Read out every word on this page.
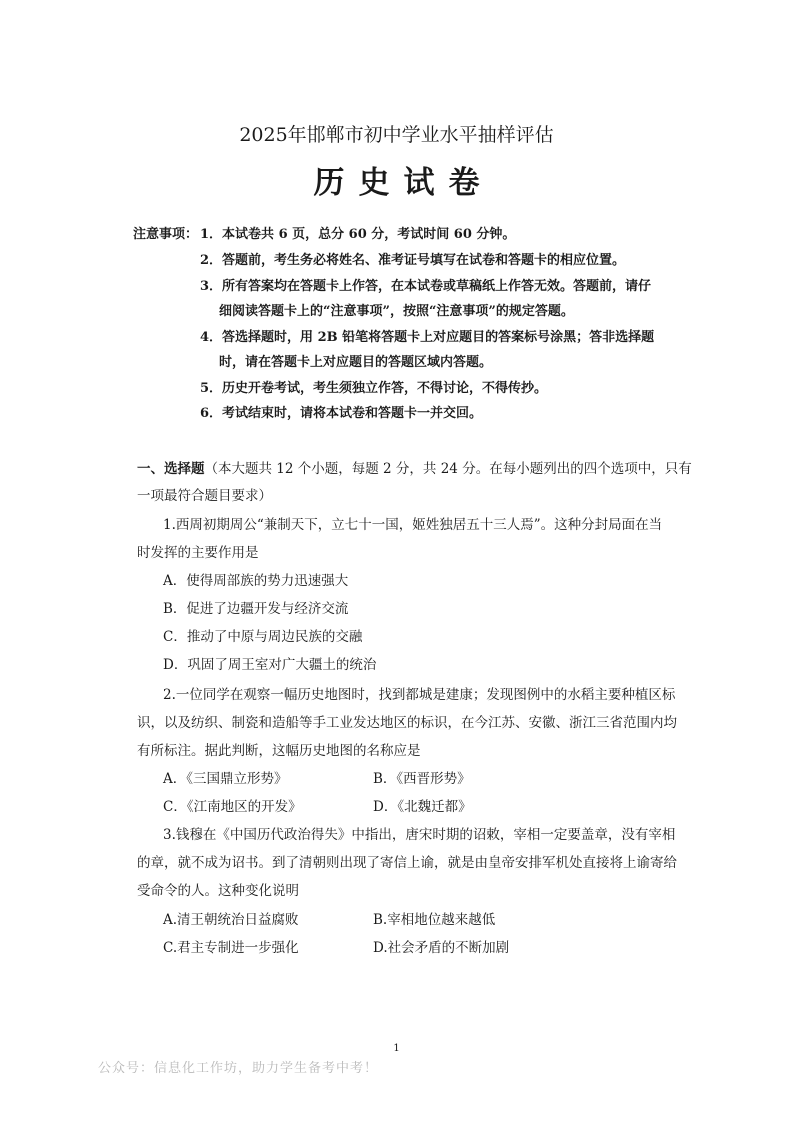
2025年邯郸市初中学业水平抽样评估
历史试卷
注意事项： 1．本试卷共 6 页，总分 60 分，考试时间 60 分钟。
2．答题前，考生务必将姓名、准考证号填写在试卷和答题卡的相应位置。
3．所有答案均在答题卡上作答，在本试卷或草稿纸上作答无效。答题前，请仔
细阅读答题卡上的“注意事项”，按照“注意事项”的规定答题。
4．答选择题时，用 2B 铅笔将答题卡上对应题目的答案标号涂黑；答非选择题
时，请在答题卡上对应题目的答题区域内答题。
5．历史开卷考试，考生须独立作答，不得讨论，不得传抄。
6．考试结束时，请将本试卷和答题卡一并交回。
一、选择题（本大题共 12 个小题，每题 2 分，共 24 分。在每小题列出的四个选项中，只有
一项最符合题目要求）
1.西周初期周公“兼制天下，立七十一国，姬姓独居五十三人焉”。这种分封局面在当
时发挥的主要作用是
A．使得周部族的势力迅速强大
B．促进了边疆开发与经济交流
C．推动了中原与周边民族的交融
D．巩固了周王室对广大疆土的统治
2.一位同学在观察一幅历史地图时，找到都城是建康；发现图例中的水稻主要种植区标
识，以及纺织、制瓷和造船等手工业发达地区的标识，在今江苏、安徽、浙江三省范围内均
有所标注。据此判断，这幅历史地图的名称应是
A．《三国鼎立形势》	B．《西晋形势》
C．《江南地区的开发》	D．《北魏迁都》
3.钱穆在《中国历代政治得失》中指出，唐宋时期的诏敕，宰相一定要盖章，没有宰相
的章，就不成为诏书。到了清朝则出现了寄信上谕，就是由皇帝安排军机处直接将上谕寄给
受命令的人。这种变化说明
A.清王朝统治日益腐败	B.宰相地位越来越低
C.君主专制进一步强化	D.社会矛盾的不断加剧
1
公众号：信息化工作坊，助力学生备考中考！
